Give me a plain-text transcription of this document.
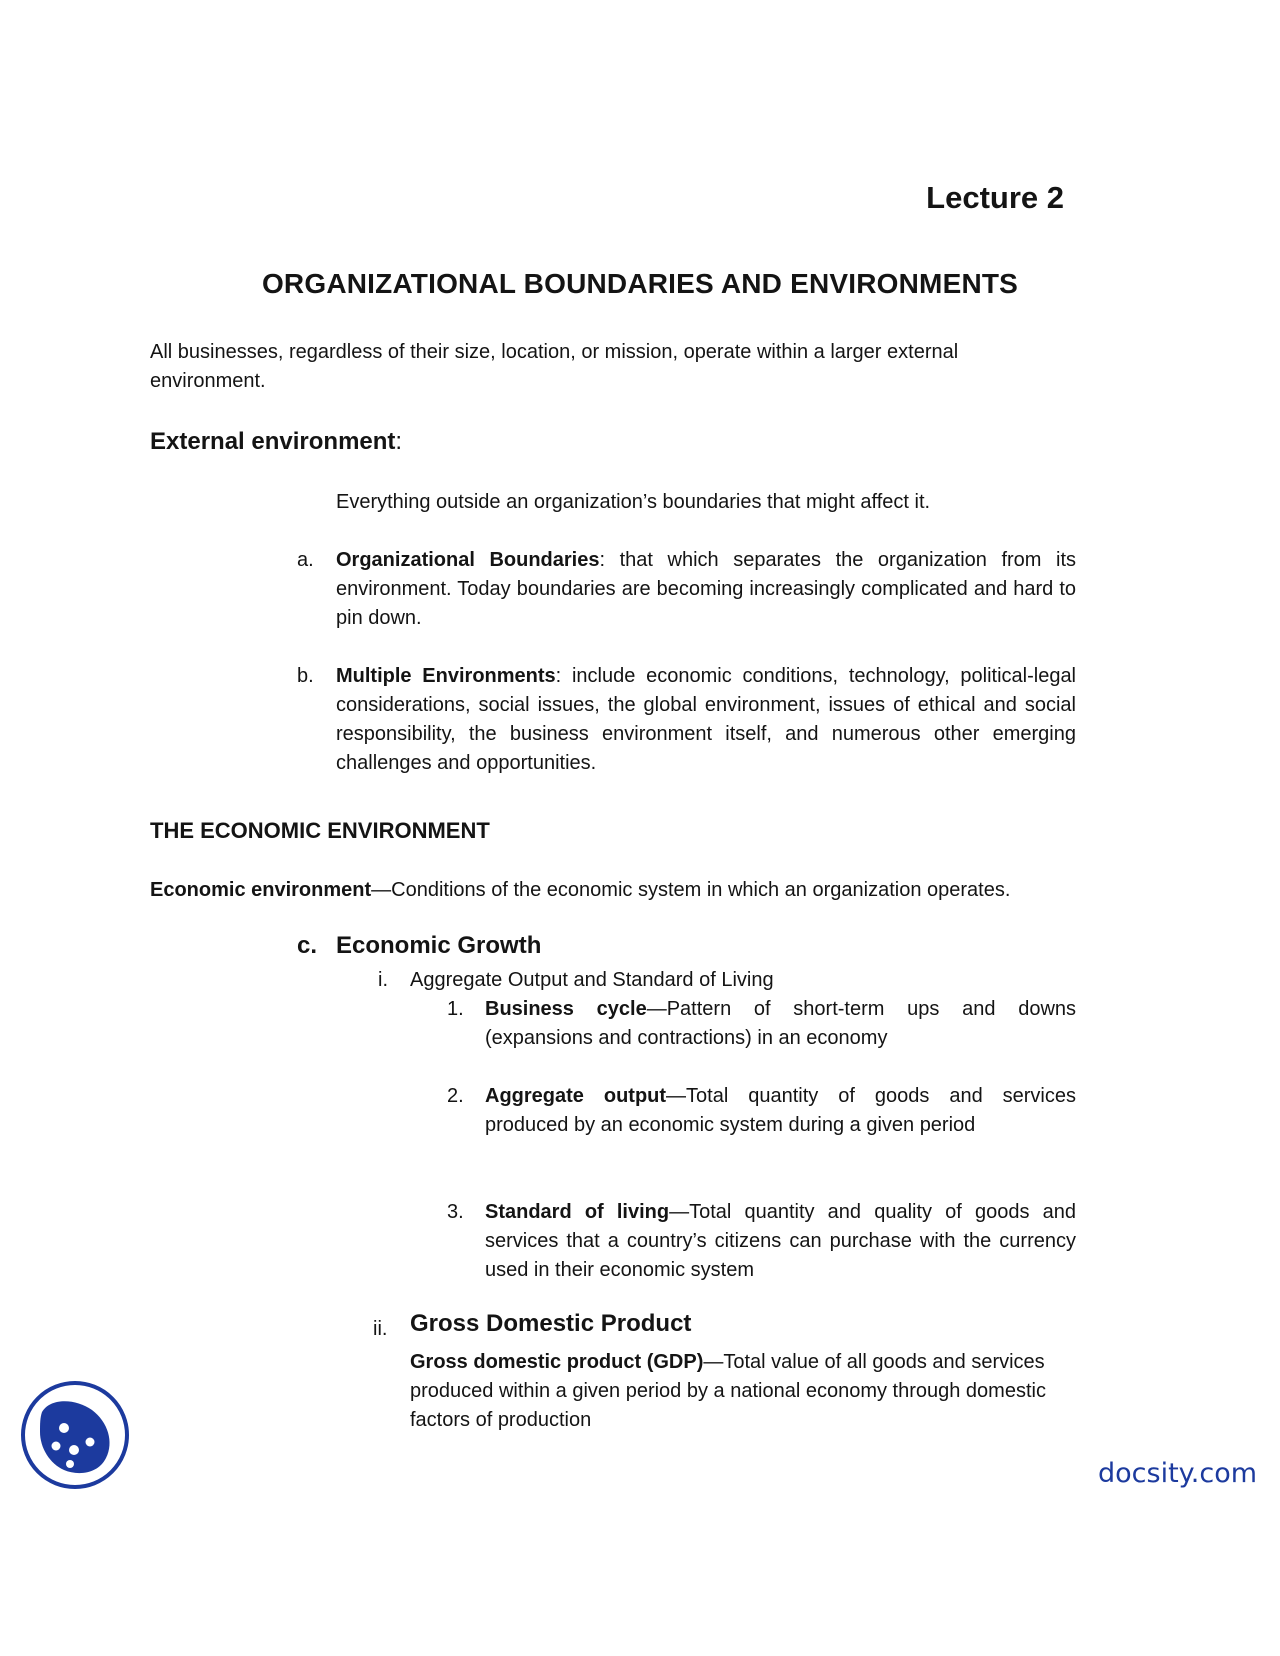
Lecture 2
ORGANIZATIONAL BOUNDARIES AND ENVIRONMENTS
All businesses, regardless of their size, location, or mission, operate within a larger external environment.
External environment:
Everything outside an organization’s boundaries that might affect it.
a. Organizational Boundaries: that which separates the organization from its environment. Today boundaries are becoming increasingly complicated and hard to pin down.
b. Multiple Environments: include economic conditions, technology, political-legal considerations, social issues, the global environment, issues of ethical and social responsibility, the business environment itself, and numerous other emerging challenges and opportunities.
THE ECONOMIC ENVIRONMENT
Economic environment—Conditions of the economic system in which an organization operates.
c. Economic Growth
i. Aggregate Output and Standard of Living
1. Business cycle—Pattern of short-term ups and downs (expansions and contractions) in an economy
2. Aggregate output—Total quantity of goods and services produced by an economic system during a given period
3. Standard of living—Total quantity and quality of goods and services that a country’s citizens can purchase with the currency used in their economic system
ii. Gross Domestic Product
Gross domestic product (GDP)—Total value of all goods and services produced within a given period by a national economy through domestic factors of production
docsity.com
